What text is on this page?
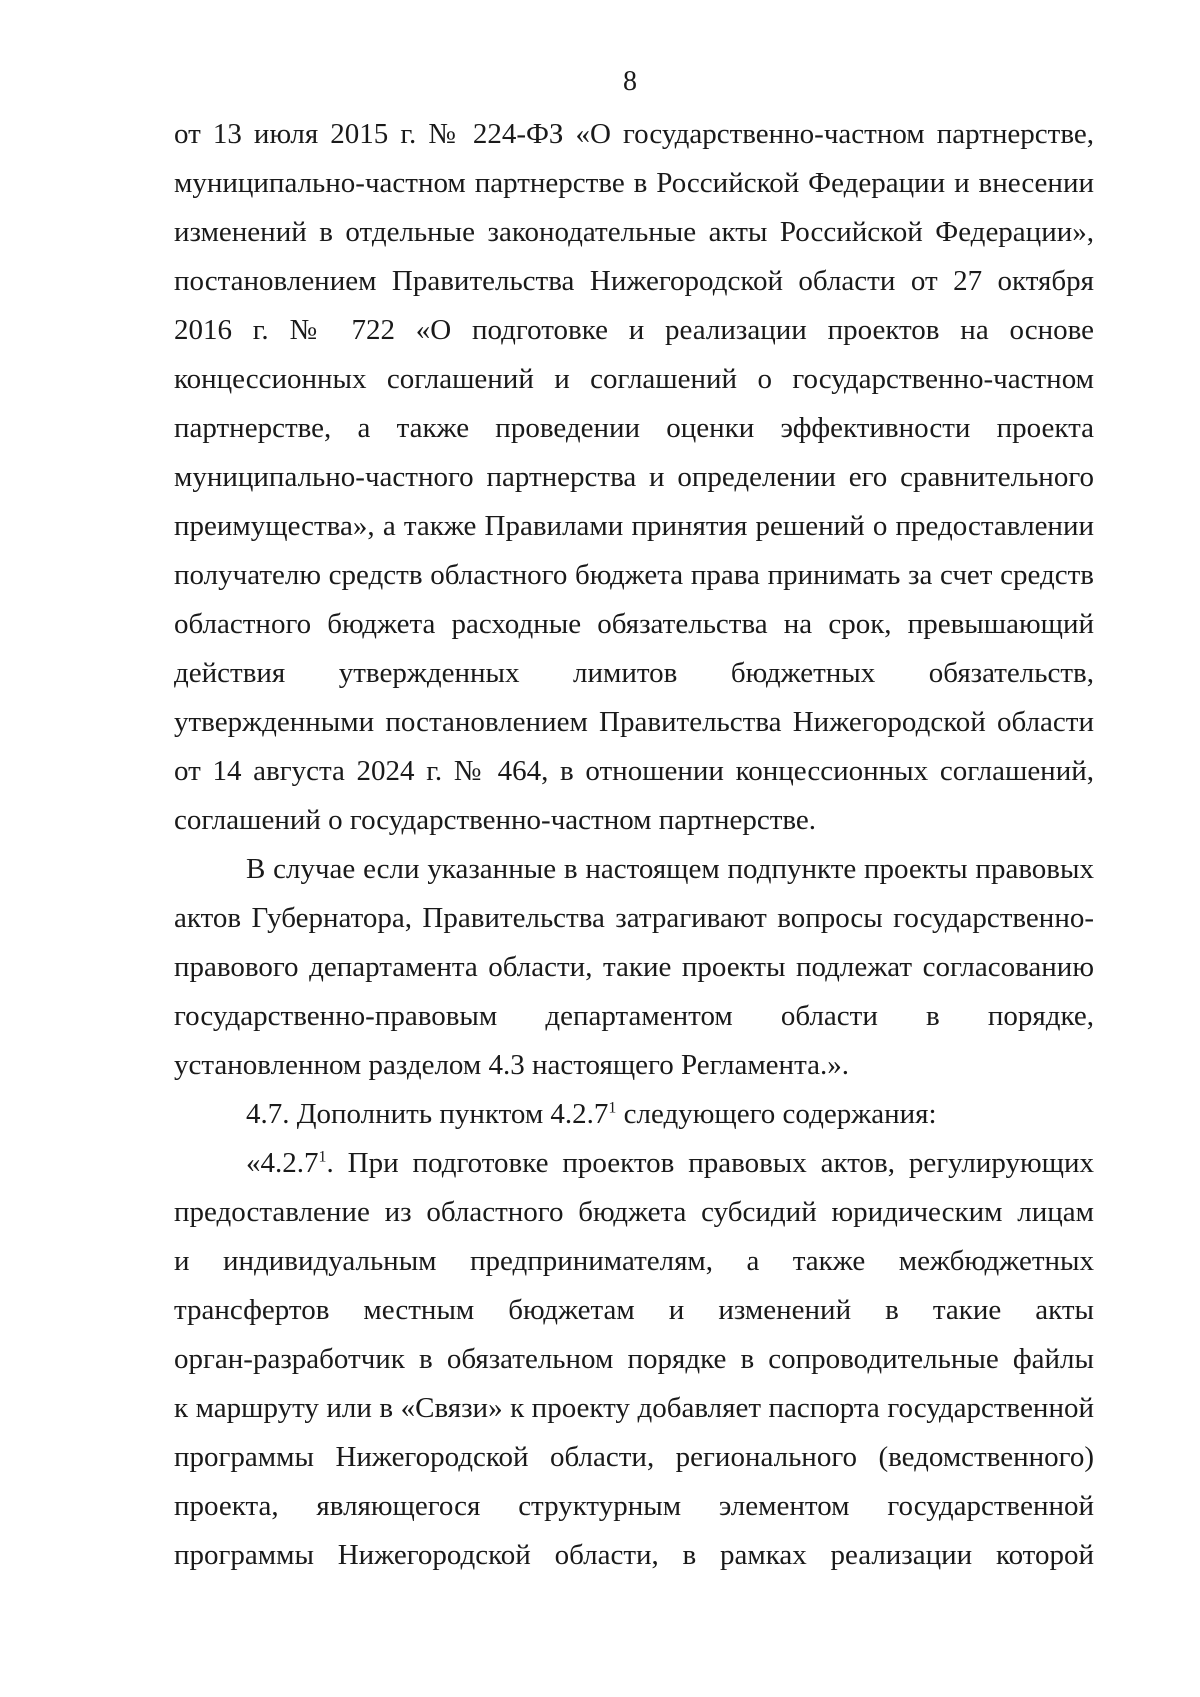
8
от 13 июля 2015 г. № 224-ФЗ «О государственно-частном партнерстве,
муниципально-частном партнерстве в Российской Федерации и внесении
изменений в отдельные законодательные акты Российской Федерации»,
постановлением Правительства Нижегородской области от 27 октября
2016 г. № 722 «О подготовке и реализации проектов на основе
концессионных соглашений и соглашений о государственно-частном
партнерстве, а также проведении оценки эффективности проекта
муниципально-частного партнерства и определении его сравнительного
преимущества», а также Правилами принятия решений о предоставлении
получателю средств областного бюджета права принимать за счет средств
областного бюджета расходные обязательства на срок, превышающий
действия утвержденных лимитов бюджетных обязательств,
утвержденными постановлением Правительства Нижегородской области
от 14 августа 2024 г. № 464, в отношении концессионных соглашений,
соглашений о государственно-частном партнерстве.
В случае если указанные в настоящем подпункте проекты правовых
актов Губернатора, Правительства затрагивают вопросы государственно-
правового департамента области, такие проекты подлежат согласованию
государственно-правовым департаментом области в порядке,
установленном разделом 4.3 настоящего Регламента.».
4.7. Дополнить пунктом 4.2.7$^1$ следующего содержания:
«4.2.7$^1$. При подготовке проектов правовых актов, регулирующих
предоставление из областного бюджета субсидий юридическим лицам
и индивидуальным предпринимателям, а также межбюджетных
трансфертов местным бюджетам и изменений в такие акты
орган-разработчик в обязательном порядке в сопроводительные файлы
к маршруту или в «Связи» к проекту добавляет паспорта государственной
программы Нижегородской области, регионального (ведомственного)
проекта, являющегося структурным элементом государственной
программы Нижегородской области, в рамках реализации которой
